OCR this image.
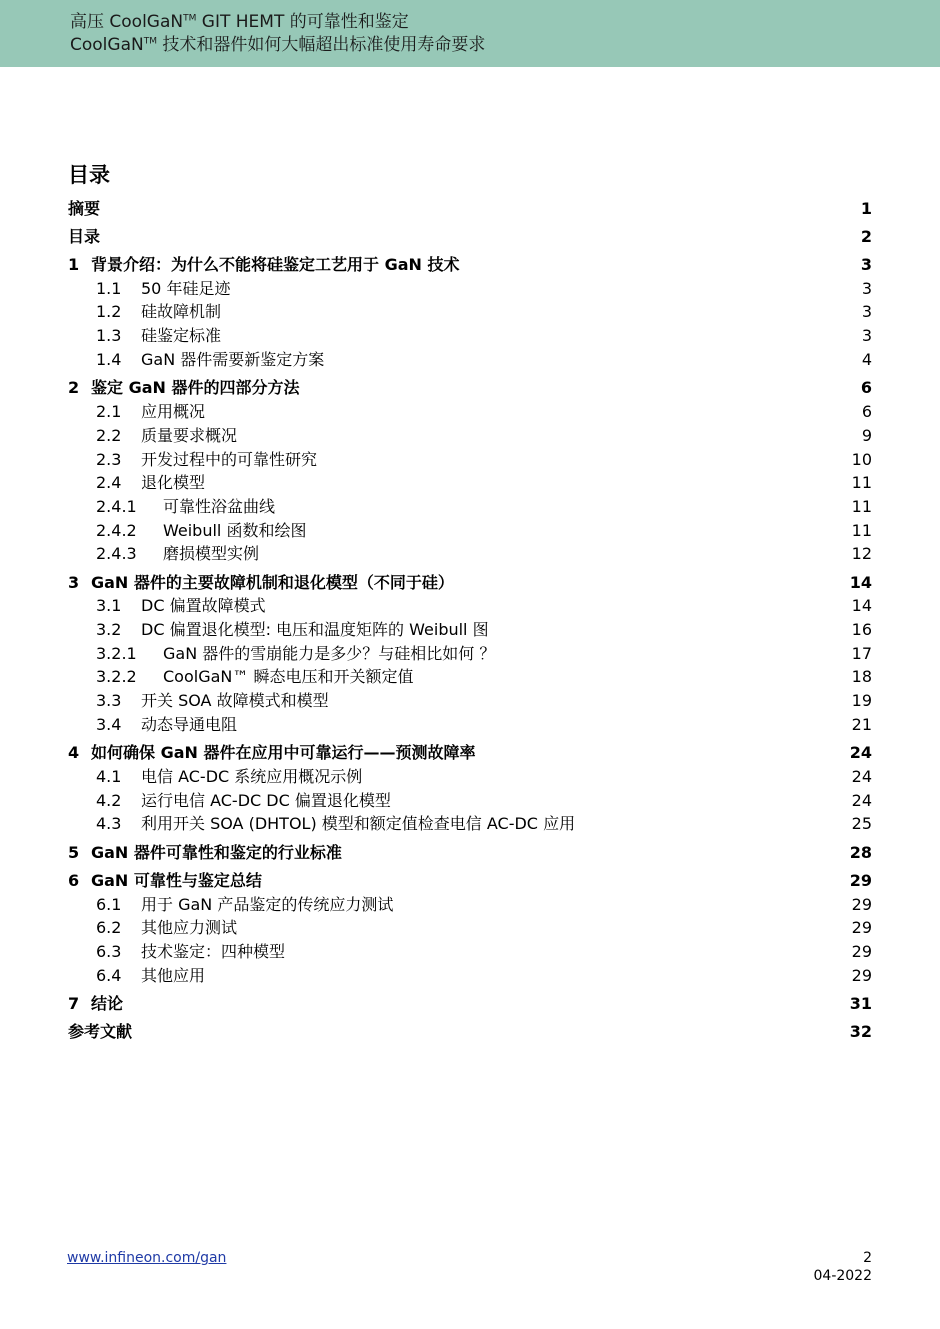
高压 CoolGaN™ GIT HEMT 的可靠性和鉴定
CoolGaN™ 技术和器件如何大幅超出标准使用寿命要求
目录
摘要	1
目录	2
1 背景介绍：为什么不能将硅鉴定工艺用于 GaN 技术	3
1.1 50 年硅足迹	3
1.2 硅故障机制	3
1.3 硅鉴定标准	3
1.4 GaN 器件需要新鉴定方案	4
2 鉴定 GaN 器件的四部分方法	6
2.1 应用概况	6
2.2 质量要求概况	9
2.3 开发过程中的可靠性研究	10
2.4 退化模型	11
2.4.1 可靠性浴盆曲线	11
2.4.2 Weibull 函数和绘图	11
2.4.3 磨损模型实例	12
3 GaN 器件的主要故障机制和退化模型（不同于硅）	14
3.1 DC 偏置故障模式	14
3.2 DC 偏置退化模型: 电压和温度矩阵的 Weibull 图	16
3.2.1 GaN 器件的雪崩能力是多少？与硅相比如何 ？	17
3.2.2 CoolGaN™ 瞬态电压和开关额定值	18
3.3 开关 SOA 故障模式和模型	19
3.4 动态导通电阻	21
4 如何确保 GaN 器件在应用中可靠运行——预测故障率	24
4.1 电信 AC-DC 系统应用概况示例	24
4.2 运行电信 AC-DC DC 偏置退化模型	24
4.3 利用开关 SOA (DHTOL) 模型和额定值检查电信 AC-DC 应用	25
5 GaN 器件可靠性和鉴定的行业标准	28
6 GaN 可靠性与鉴定总结	29
6.1 用于 GaN 产品鉴定的传统应力测试	29
6.2 其他应力测试	29
6.3 技术鉴定：四种模型	29
6.4 其他应用	29
7 结论	31
参考文献	32
www.infineon.com/gan	2
04-2022
